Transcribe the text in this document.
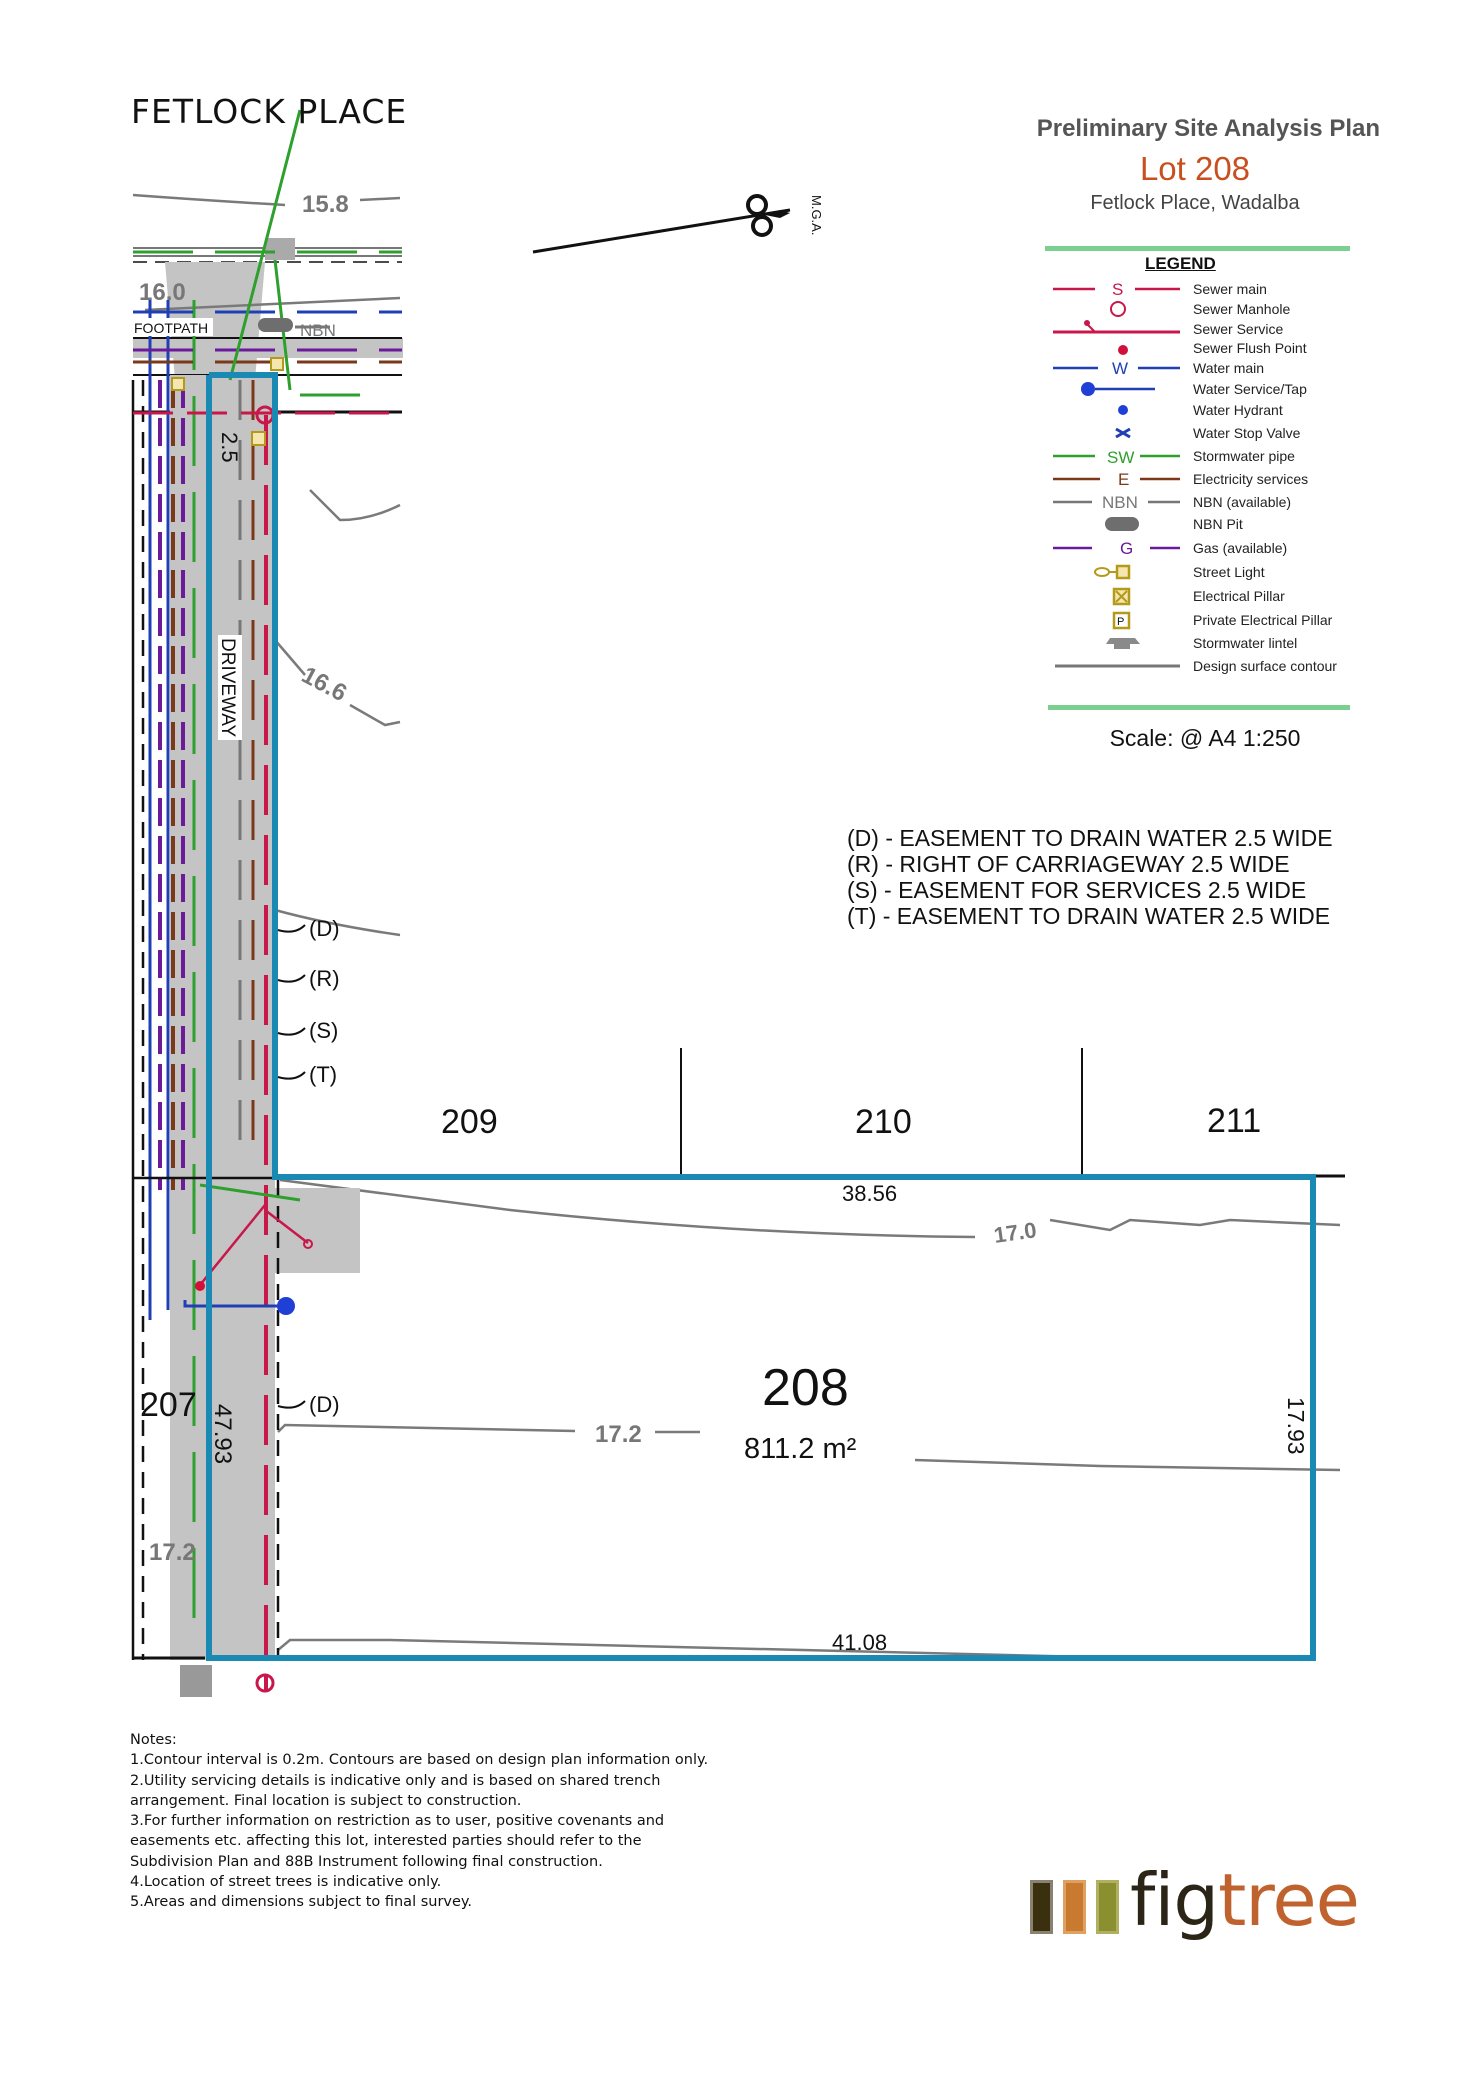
M.G.A.
15.8
16.0
FOOTPATH	NBN
16.6
17.0
17.2
17.2
DRIVEWAY
2.5
47.93	17.93
38.56
41.08
209	210	211
207	208
811.2 m²
(D)
(R)
(S)
(T)
(D)
FETLOCK PLACE	Preliminary Site Analysis Plan
Lot 208
Fetlock Place, Wadalba
LEGEND
S	Sewer main
Sewer Manhole
Sewer Service
Sewer Flush Point
W	Water main
Water Service/Tap
Water Hydrant
Water Stop Valve
SW	Stormwater pipe
E	Electricity services
NBN	NBN (available)
NBN Pit
G	Gas (available)
Street Light
Electrical Pillar
P	Private Electrical Pillar
Stormwater lintel
Design surface contour
Scale: @ A4 1:250
(D) - EASEMENT TO DRAIN WATER 2.5 WIDE
(R) - RIGHT OF CARRIAGEWAY 2.5 WIDE
(S) - EASEMENT FOR SERVICES 2.5 WIDE
(T) - EASEMENT TO DRAIN WATER 2.5 WIDE
Notes:
1.Contour interval is 0.2m. Contours are based on design plan information only.
2.Utility servicing details is indicative only and is based on shared trench arrangement. Final location is subject to construction.
3.For further information on restriction as to user, positive covenants and easements etc. affecting this lot, interested parties should refer to the Subdivision Plan and 88B Instrument following final construction.
4.Location of street trees is indicative only.
5.Areas and dimensions subject to final survey.	figtree
